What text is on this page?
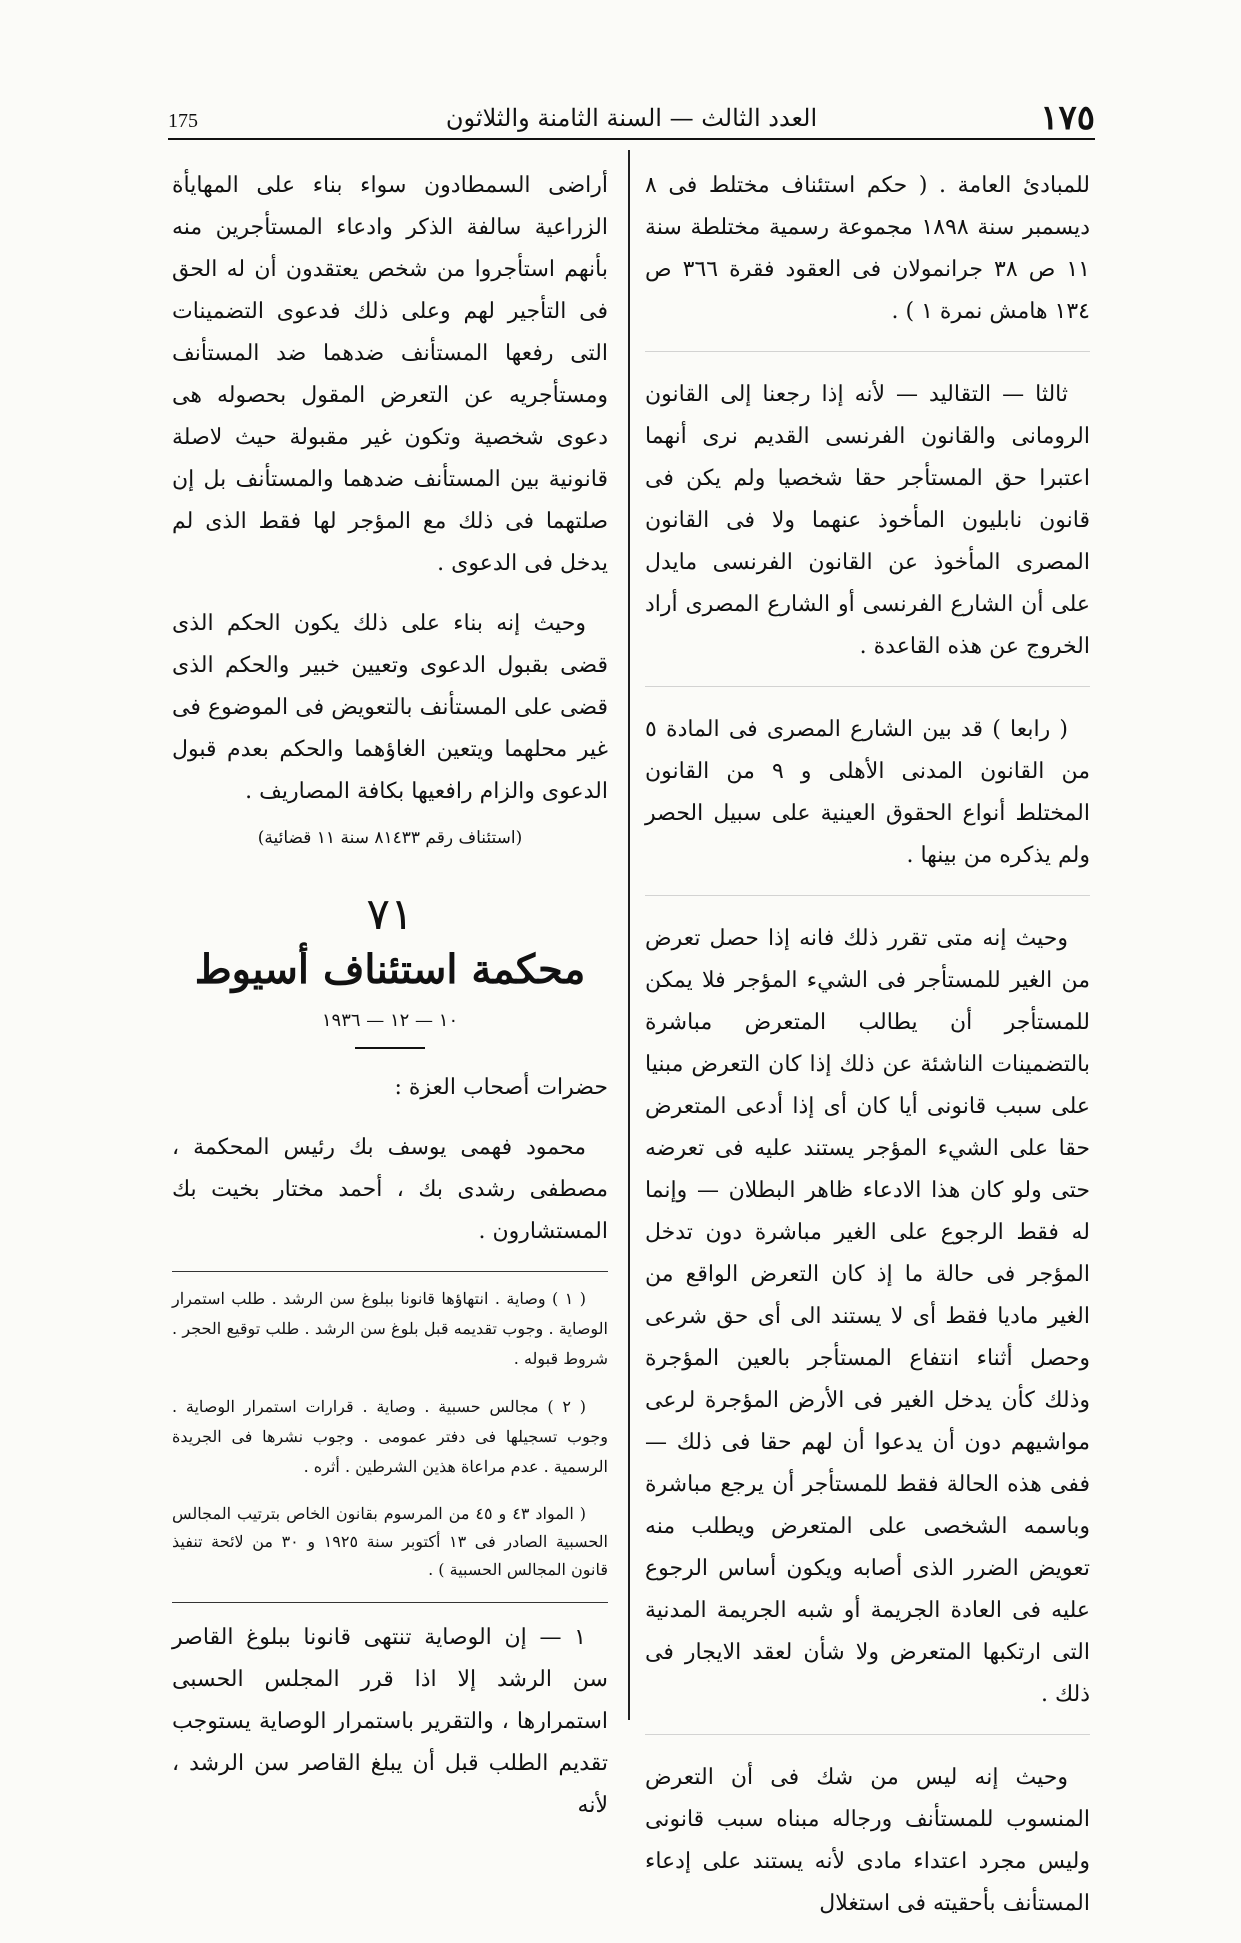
١٧٥
العدد الثالث — السنة الثامنة والثلاثون
175

للمبادئ العامة . ( حكم استئناف مختلط فى ٨ ديسمبر سنة ١٨٩٨ مجموعة رسمية مختلطة سنة ١١ ص ٣٨ جرانمولان فى العقود فقرة ٣٦٦ ص ١٣٤ هامش نمرة ١ ) .

ثالثا — التقاليد — لأنه إذا رجعنا إلى القانون الرومانى والقانون الفرنسى القديم نرى أنهما اعتبرا حق المستأجر حقا شخصيا ولم يكن فى قانون نابليون المأخوذ عنهما ولا فى القانون المصرى المأخوذ عن القانون الفرنسى مايدل على أن الشارع الفرنسى أو الشارع المصرى أراد الخروج عن هذه القاعدة .

( رابعا ) قد بين الشارع المصرى فى المادة ٥ من القانون المدنى الأهلى و ٩ من القانون المختلط أنواع الحقوق العينية على سبيل الحصر ولم يذكره من بينها .

وحيث إنه متى تقرر ذلك فانه إذا حصل تعرض من الغير للمستأجر فى الشيء المؤجر فلا يمكن للمستأجر أن يطالب المتعرض مباشرة بالتضمينات الناشئة عن ذلك إذا كان التعرض مبنيا على سبب قانونى أيا كان أى إذا أدعى المتعرض حقا على الشيء المؤجر يستند عليه فى تعرضه حتى ولو كان هذا الادعاء ظاهر البطلان — وإنما له فقط الرجوع على الغير مباشرة دون تدخل المؤجر فى حالة ما إذ كان التعرض الواقع من الغير ماديا فقط أى لا يستند الى أى حق شرعى وحصل أثناء انتفاع المستأجر بالعين المؤجرة وذلك كأن يدخل الغير فى الأرض المؤجرة لرعى مواشيهم دون أن يدعوا أن لهم حقا فى ذلك — ففى هذه الحالة فقط للمستأجر أن يرجع مباشرة وباسمه الشخصى على المتعرض ويطلب منه تعويض الضرر الذى أصابه ويكون أساس الرجوع عليه فى العادة الجريمة أو شبه الجريمة المدنية التى ارتكبها المتعرض ولا شأن لعقد الايجار فى ذلك .

وحيث إنه ليس من شك فى أن التعرض المنسوب للمستأنف ورجاله مبناه سبب قانونى وليس مجرد اعتداء مادى لأنه يستند على إدعاء المستأنف بأحقيته فى استغلال

أراضى السمطادون سواء بناء على المهايأة الزراعية سالفة الذكر وادعاء المستأجرين منه بأنهم استأجروا من شخص يعتقدون أن له الحق فى التأجير لهم وعلى ذلك فدعوى التضمينات التى رفعها المستأنف ضدهما ضد المستأنف ومستأجريه عن التعرض المقول بحصوله هى دعوى شخصية وتكون غير مقبولة حيث لاصلة قانونية بين المستأنف ضدهما والمستأنف بل إن صلتهما فى ذلك مع المؤجر لها فقط الذى لم يدخل فى الدعوى .

وحيث إنه بناء على ذلك يكون الحكم الذى قضى بقبول الدعوى وتعيين خبير والحكم الذى قضى على المستأنف بالتعويض فى الموضوع فى غير محلهما ويتعين الغاؤهما والحكم بعدم قبول الدعوى والزام رافعيها بكافة المصاريف .

(استئناف رقم ٨١٤٣٣ سنة ١١ قضائية)
٧١
محكمة استئناف أسيوط
١٠ — ١٢ — ١٩٣٦

حضرات أصحاب العزة :

محمود فهمى يوسف بك رئيس المحكمة ، مصطفى رشدى بك ، أحمد مختار بخيت بك المستشارون .

( ١ ) وصاية . انتهاؤها قانونا ببلوغ سن الرشد . طلب استمرار الوصاية . وجوب تقديمه قبل بلوغ سن الرشد . طلب توقيع الحجر . شروط قبوله .

( ٢ ) مجالس حسبية . وصاية . قرارات استمرار الوصاية . وجوب تسجيلها فى دفتر عمومى . وجوب نشرها فى الجريدة الرسمية . عدم مراعاة هذين الشرطين . أثره .

( المواد ٤٣ و ٤٥ من المرسوم بقانون الخاص بترتيب المجالس الحسبية الصادر فى ١٣ أكتوبر سنة ١٩٢٥ و ٣٠ من لائحة تنفيذ قانون المجالس الحسبية ) .

١ — إن الوصاية تنتهى قانونا ببلوغ القاصر سن الرشد إلا اذا قرر المجلس الحسبى استمرارها ، والتقرير باستمرار الوصاية يستوجب تقديم الطلب قبل أن يبلغ القاصر سن الرشد ، لأنه
